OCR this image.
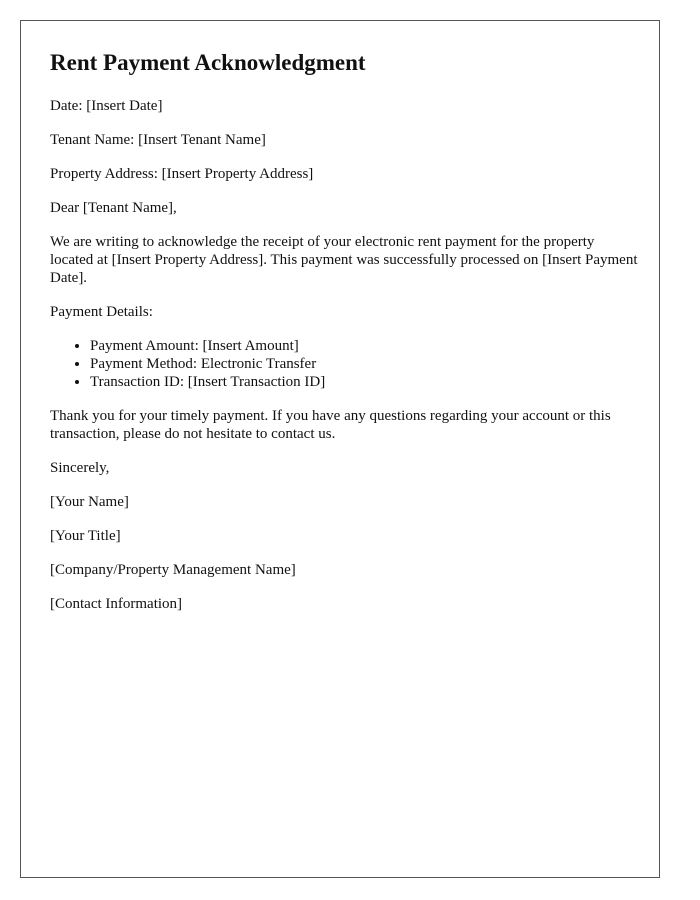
Rent Payment Acknowledgment

Date: [Insert Date]

Tenant Name: [Insert Tenant Name]

Property Address: [Insert Property Address]

Dear [Tenant Name],

We are writing to acknowledge the receipt of your electronic rent payment for the property located at [Insert Property Address]. This payment was successfully processed on [Insert Payment Date].

Payment Details:

• Payment Amount: [Insert Amount]
• Payment Method: Electronic Transfer
• Transaction ID: [Insert Transaction ID]

Thank you for your timely payment. If you have any questions regarding your account or this transaction, please do not hesitate to contact us.

Sincerely,

[Your Name]

[Your Title]

[Company/Property Management Name]

[Contact Information]
